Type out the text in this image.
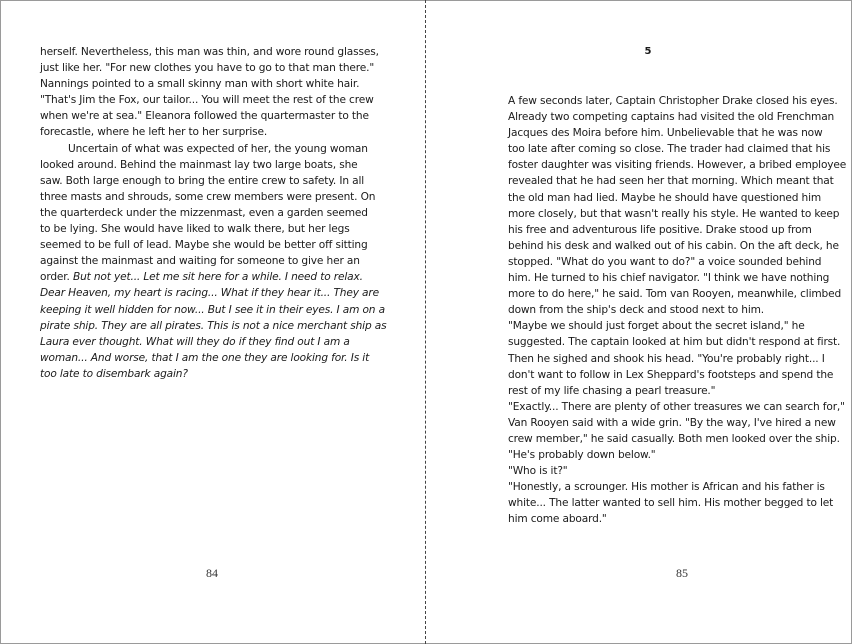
herself. Nevertheless, this man was thin, and wore round glasses,
just like her. "For new clothes you have to go to that man there."
Nannings pointed to a small skinny man with short white hair.
"That's Jim the Fox, our tailor... You will meet the rest of the crew
when we're at sea." Eleanora followed the quartermaster to the
forecastle, where he left her to her surprise.
Uncertain of what was expected of her, the young woman
looked around. Behind the mainmast lay two large boats, she
saw. Both large enough to bring the entire crew to safety. In all
three masts and shrouds, some crew members were present. On
the quarterdeck under the mizzenmast, even a garden seemed
to be lying. She would have liked to walk there, but her legs
seemed to be full of lead. Maybe she would be better off sitting
against the mainmast and waiting for someone to give her an
order. But not yet... Let me sit here for a while. I need to relax.
Dear Heaven, my heart is racing... What if they hear it... They are
keeping it well hidden for now... But I see it in their eyes. I am on a
pirate ship. They are all pirates. This is not a nice merchant ship as
Laura ever thought. What will they do if they find out I am a
woman... And worse, that I am the one they are looking for. Is it
too late to disembark again?
84
5
A few seconds later, Captain Christopher Drake closed his eyes.
Already two competing captains had visited the old Frenchman
Jacques des Moira before him. Unbelievable that he was now
too late after coming so close. The trader had claimed that his
foster daughter was visiting friends. However, a bribed employee
revealed that he had seen her that morning. Which meant that
the old man had lied. Maybe he should have questioned him
more closely, but that wasn't really his style. He wanted to keep
his free and adventurous life positive. Drake stood up from
behind his desk and walked out of his cabin. On the aft deck, he
stopped. "What do you want to do?" a voice sounded behind
him. He turned to his chief navigator. "I think we have nothing
more to do here," he said. Tom van Rooyen, meanwhile, climbed
down from the ship's deck and stood next to him.
"Maybe we should just forget about the secret island," he
suggested. The captain looked at him but didn't respond at first.
Then he sighed and shook his head. "You're probably right... I
don't want to follow in Lex Sheppard's footsteps and spend the
rest of my life chasing a pearl treasure."
"Exactly... There are plenty of other treasures we can search for,"
Van Rooyen said with a wide grin. "By the way, I've hired a new
crew member," he said casually. Both men looked over the ship.
"He's probably down below."
"Who is it?"
"Honestly, a scrounger. His mother is African and his father is
white... The latter wanted to sell him. His mother begged to let
him come aboard."
85
